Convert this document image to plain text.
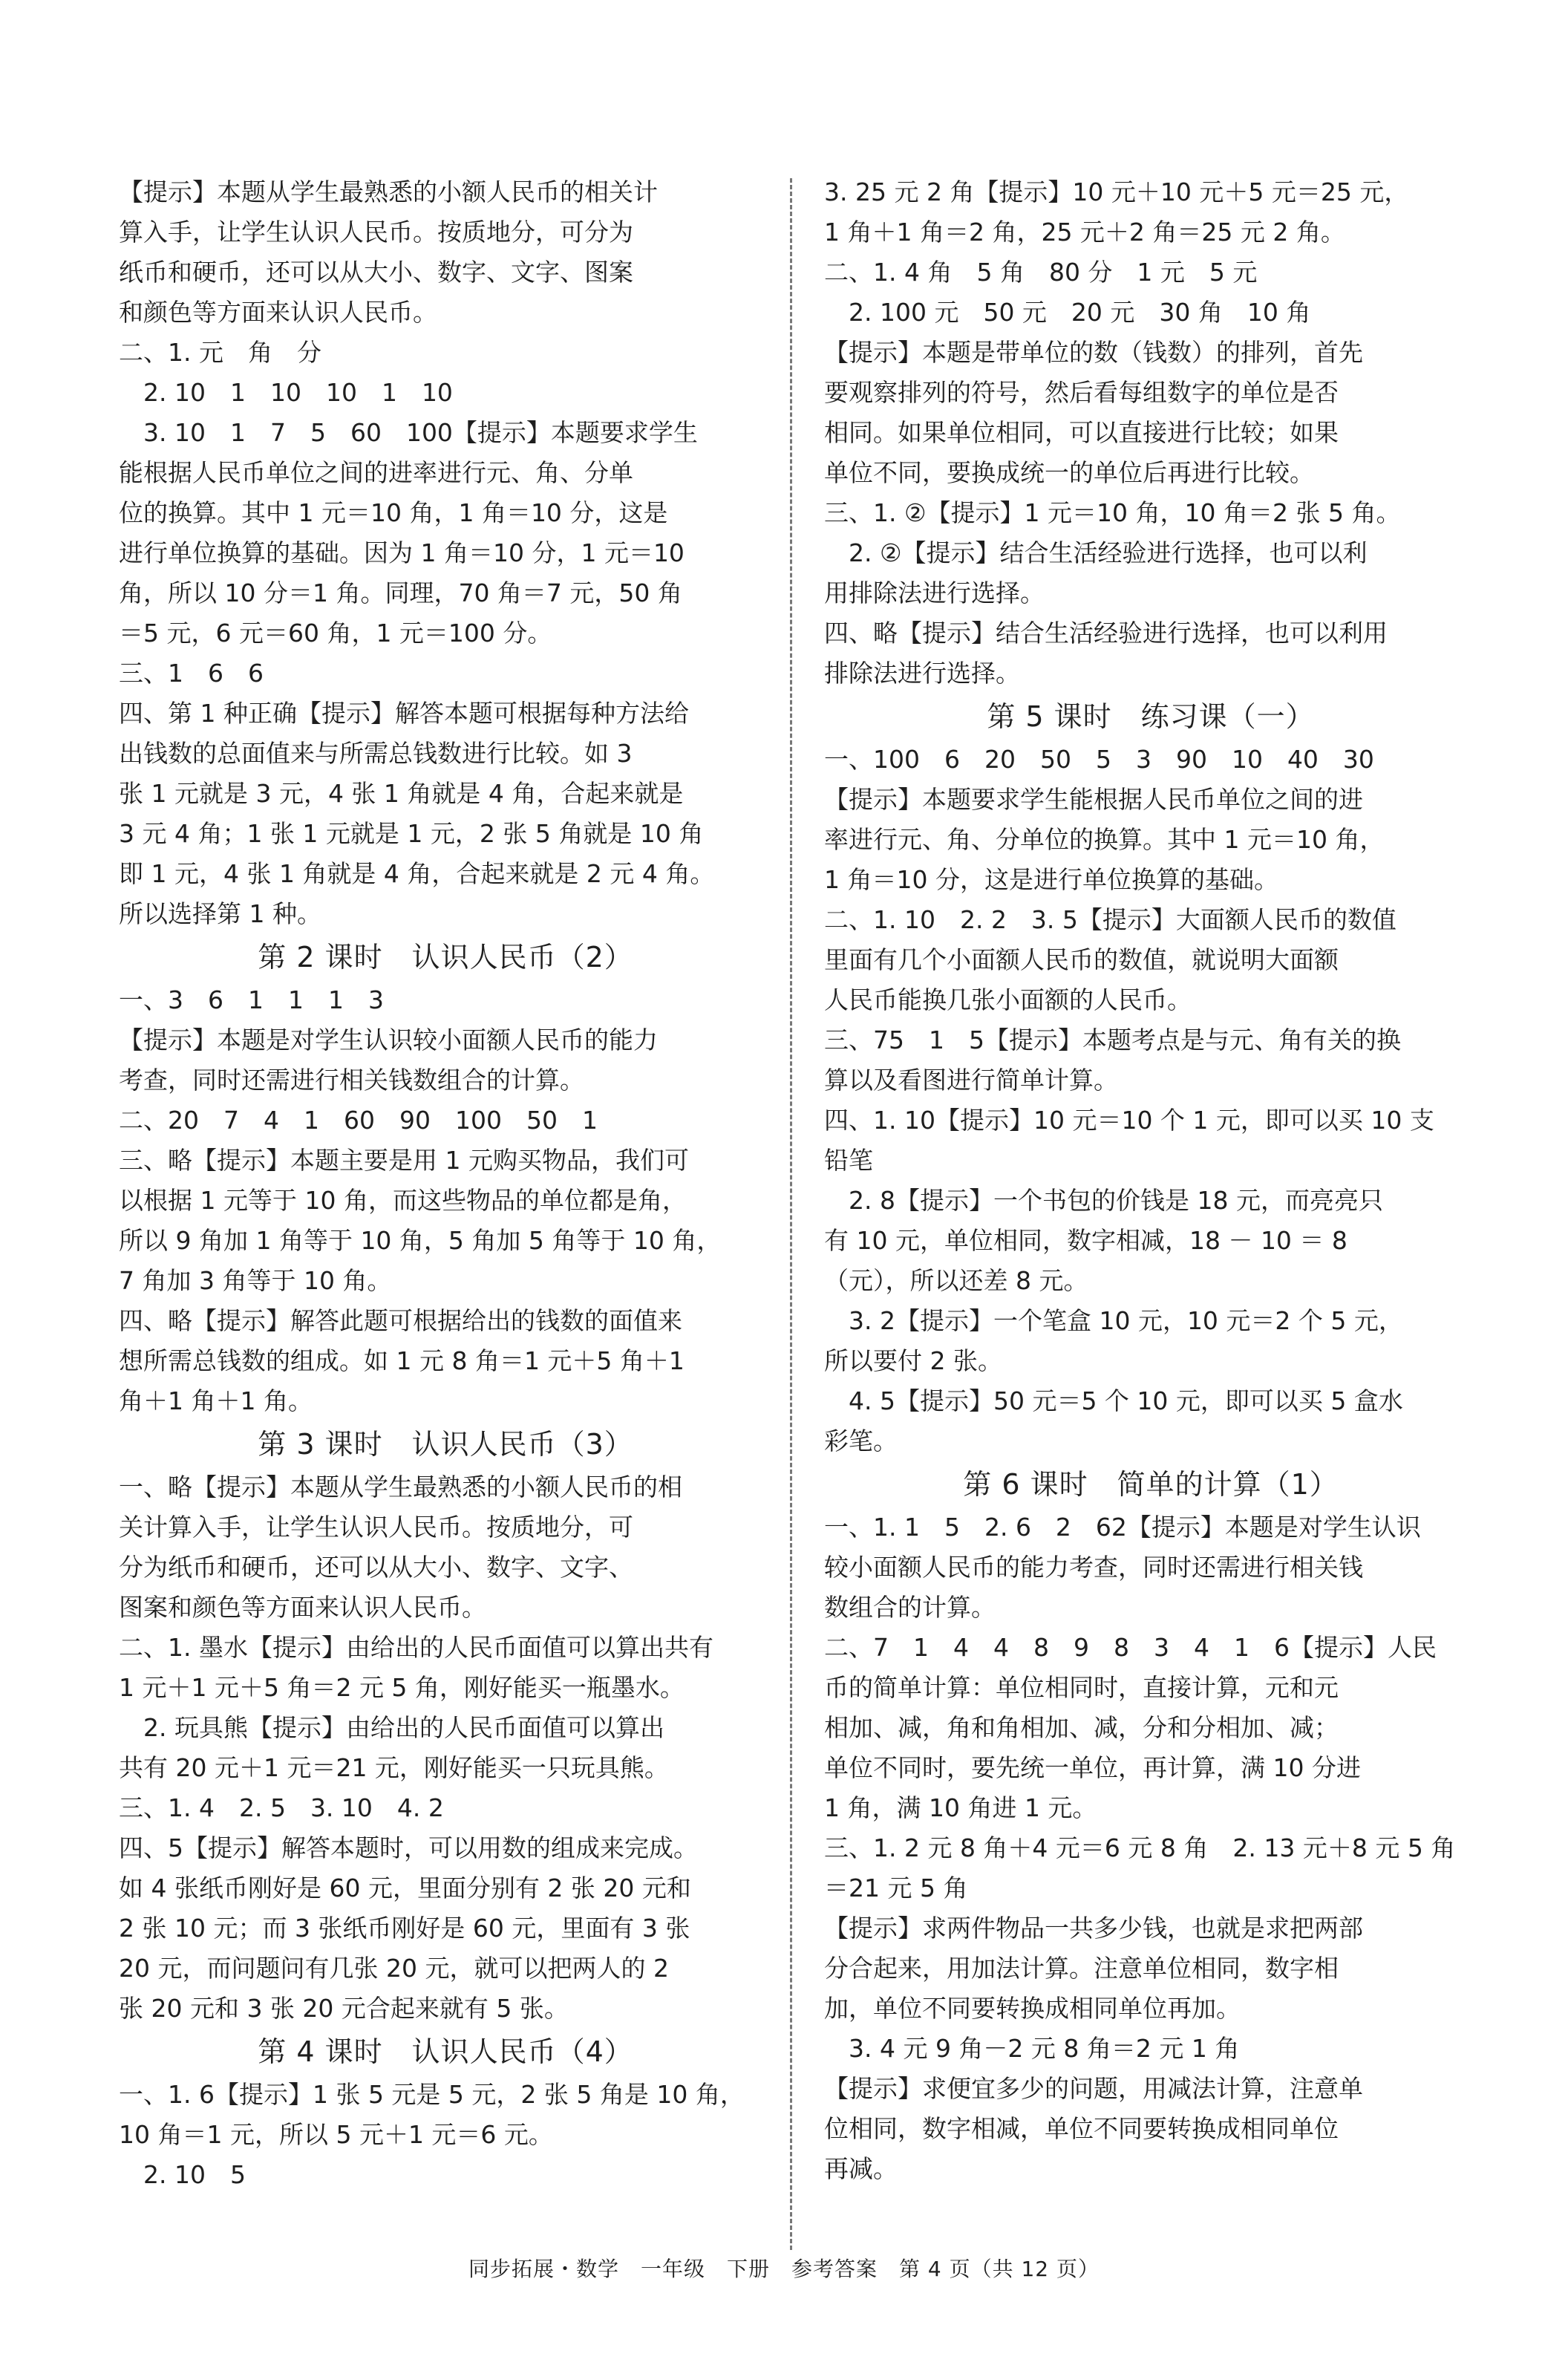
【提示】本题从学生最熟悉的小额人民币的相关计
算入手，让学生认识人民币。按质地分，可分为
纸币和硬币，还可以从大小、数字、文字、图案
和颜色等方面来认识人民币。
二、1. 元　角　分
　2. 10　1　10　10　1　10
　3. 10　1　7　5　60　100【提示】本题要求学生
能根据人民币单位之间的进率进行元、角、分单
位的换算。其中 1 元＝10 角，1 角＝10 分，这是
进行单位换算的基础。因为 1 角＝10 分，1 元＝10
角，所以 10 分＝1 角。同理，70 角＝7 元，50 角
＝5 元，6 元＝60 角，1 元＝100 分。
三、1　6　6
四、第 1 种正确【提示】解答本题可根据每种方法给
出钱数的总面值来与所需总钱数进行比较。如 3
张 1 元就是 3 元，4 张 1 角就是 4 角，合起来就是
3 元 4 角；1 张 1 元就是 1 元，2 张 5 角就是 10 角
即 1 元，4 张 1 角就是 4 角，合起来就是 2 元 4 角。
所以选择第 1 种。
第 2 课时　认识人民币（2）
一、3　6　1　1　1　3
【提示】本题是对学生认识较小面额人民币的能力
考查，同时还需进行相关钱数组合的计算。
二、20　7　4　1　60　90　100　50　1
三、略【提示】本题主要是用 1 元购买物品，我们可
以根据 1 元等于 10 角，而这些物品的单位都是角，
所以 9 角加 1 角等于 10 角，5 角加 5 角等于 10 角，
7 角加 3 角等于 10 角。
四、略【提示】解答此题可根据给出的钱数的面值来
想所需总钱数的组成。如 1 元 8 角＝1 元＋5 角＋1
角＋1 角＋1 角。
第 3 课时　认识人民币（3）
一、略【提示】本题从学生最熟悉的小额人民币的相
关计算入手，让学生认识人民币。按质地分，可
分为纸币和硬币，还可以从大小、数字、文字、
图案和颜色等方面来认识人民币。
二、1. 墨水【提示】由给出的人民币面值可以算出共有
1 元＋1 元＋5 角＝2 元 5 角，刚好能买一瓶墨水。
　2. 玩具熊【提示】由给出的人民币面值可以算出
共有 20 元＋1 元＝21 元，刚好能买一只玩具熊。
三、1. 4　2. 5　3. 10　4. 2
四、5【提示】解答本题时，可以用数的组成来完成。
如 4 张纸币刚好是 60 元，里面分别有 2 张 20 元和
2 张 10 元；而 3 张纸币刚好是 60 元，里面有 3 张
20 元，而问题问有几张 20 元，就可以把两人的 2
张 20 元和 3 张 20 元合起来就有 5 张。
第 4 课时　认识人民币（4）
一、1. 6【提示】1 张 5 元是 5 元，2 张 5 角是 10 角，
10 角＝1 元，所以 5 元＋1 元＝6 元。
　2. 10　5
3. 25 元 2 角【提示】10 元＋10 元＋5 元＝25 元，
1 角＋1 角＝2 角，25 元＋2 角＝25 元 2 角。
二、1. 4 角　5 角　80 分　1 元　5 元
　2. 100 元　50 元　20 元　30 角　10 角
【提示】本题是带单位的数（钱数）的排列，首先
要观察排列的符号，然后看每组数字的单位是否
相同。如果单位相同，可以直接进行比较；如果
单位不同，要换成统一的单位后再进行比较。
三、1. ②【提示】1 元＝10 角，10 角＝2 张 5 角。
　2. ②【提示】结合生活经验进行选择，也可以利
用排除法进行选择。
四、略【提示】结合生活经验进行选择，也可以利用
排除法进行选择。
第 5 课时　练习课（一）
一、100　6　20　50　5　3　90　10　40　30
【提示】本题要求学生能根据人民币单位之间的进
率进行元、角、分单位的换算。其中 1 元＝10 角，
1 角＝10 分，这是进行单位换算的基础。
二、1. 10　2. 2　3. 5【提示】大面额人民币的数值
里面有几个小面额人民币的数值，就说明大面额
人民币能换几张小面额的人民币。
三、75　1　5【提示】本题考点是与元、角有关的换
算以及看图进行简单计算。
四、1. 10【提示】10 元＝10 个 1 元，即可以买 10 支
铅笔
　2. 8【提示】一个书包的价钱是 18 元，而亮亮只
有 10 元，单位相同，数字相减，18 － 10 ＝ 8
（元），所以还差 8 元。
　3. 2【提示】一个笔盒 10 元，10 元＝2 个 5 元，
所以要付 2 张。
　4. 5【提示】50 元＝5 个 10 元，即可以买 5 盒水
彩笔。
第 6 课时　简单的计算（1）
一、1. 1　5　2. 6　2　62【提示】本题是对学生认识
较小面额人民币的能力考查，同时还需进行相关钱
数组合的计算。
二、7　1　4　4　8　9　8　3　4　1　6【提示】人民
币的简单计算：单位相同时，直接计算，元和元
相加、减，角和角相加、减，分和分相加、减；
单位不同时，要先统一单位，再计算，满 10 分进
1 角，满 10 角进 1 元。
三、1. 2 元 8 角＋4 元＝6 元 8 角　2. 13 元＋8 元 5 角
＝21 元 5 角
【提示】求两件物品一共多少钱，也就是求把两部
分合起来，用加法计算。注意单位相同，数字相
加，单位不同要转换成相同单位再加。
　3. 4 元 9 角－2 元 8 角＝2 元 1 角
【提示】求便宜多少的问题，用减法计算，注意单
位相同，数字相减，单位不同要转换成相同单位
再减。
同步拓展・数学　一年级　下册　参考答案　第 4 页（共 12 页）
